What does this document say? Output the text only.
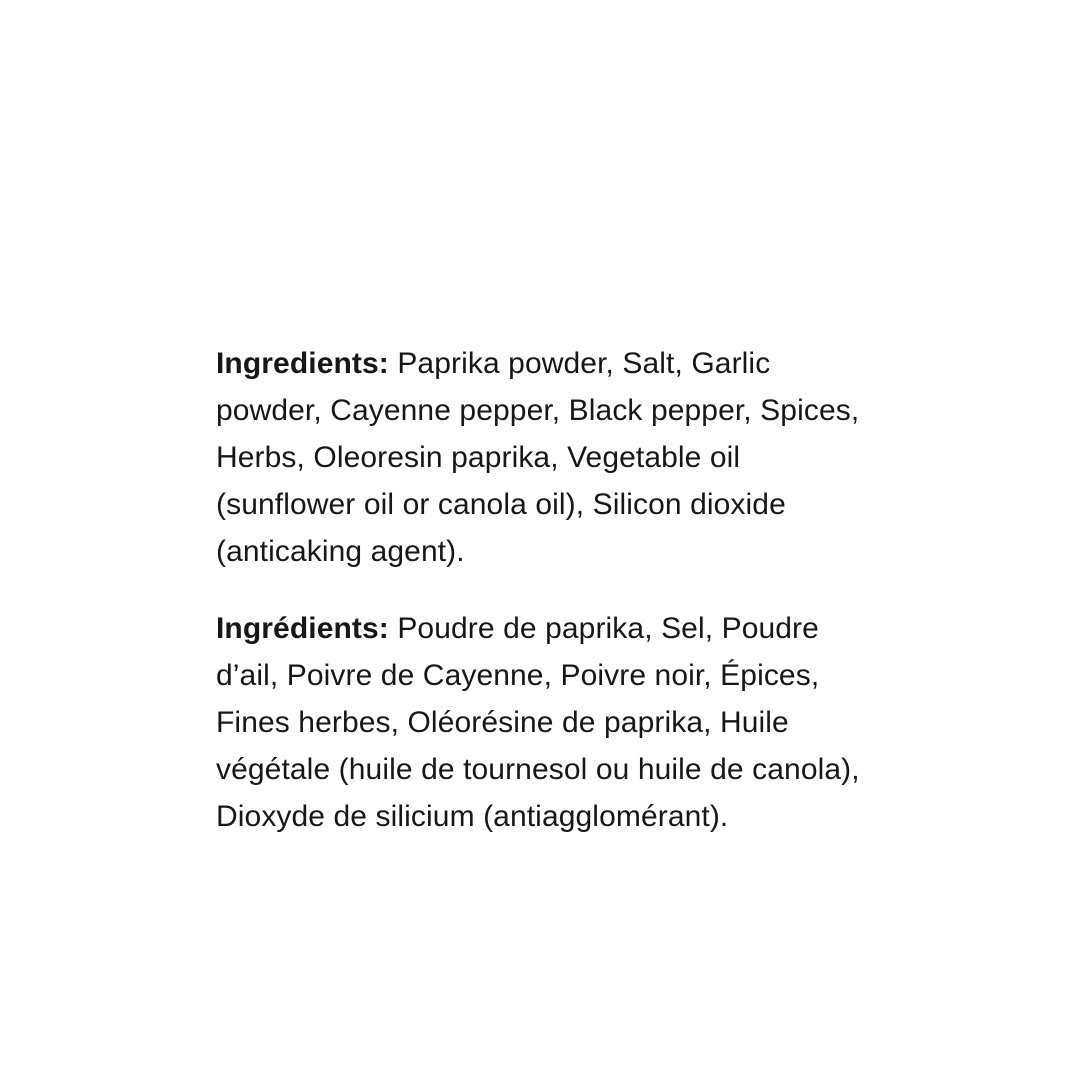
Ingredients: Paprika powder, Salt, Garlic powder, Cayenne pepper, Black pepper, Spices, Herbs, Oleoresin paprika, Vegetable oil (sunflower oil or canola oil), Silicon dioxide (anticaking agent).

Ingrédients: Poudre de paprika, Sel, Poudre d’ail, Poivre de Cayenne, Poivre noir, Épices, Fines herbes, Oléorésine de paprika, Huile végétale (huile de tournesol ou huile de canola), Dioxyde de silicium (antiagglomérant).
